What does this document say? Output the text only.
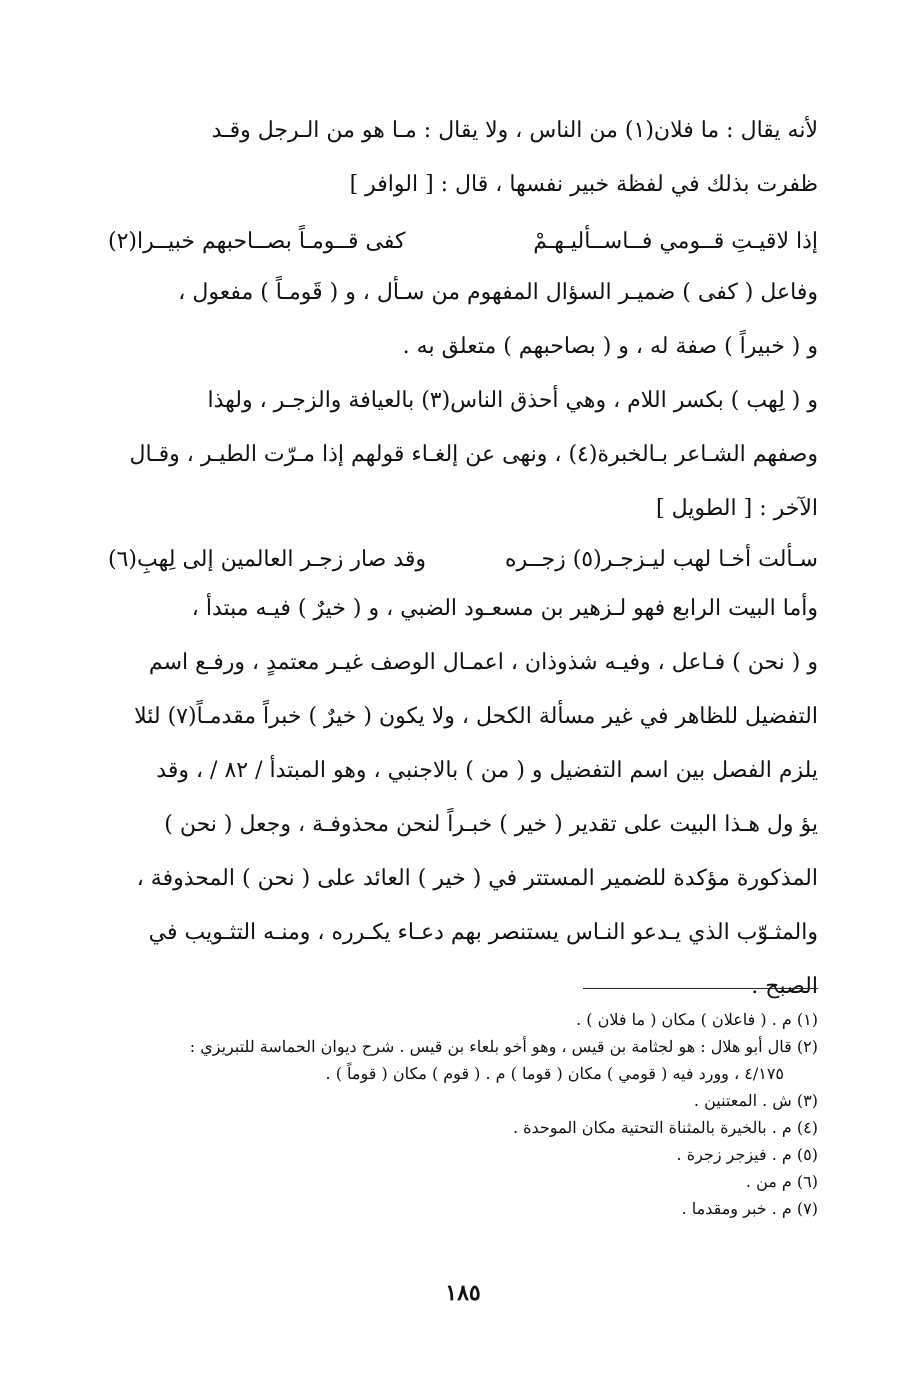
لأنه يقال : ما فلان(١) من الناس ، ولا يقال : مـا هو من الـرجل وقـد
ظفرت بذلك في لفظة خبير نفسها ، قال : [ الوافر ]
إذا لاقيـتِ قــومي فــاســأليـهـمْ
كفى قــومـاً بصــاحبهم خبيــرا(٢)
وفاعل ( كفى ) ضميـر السؤال المفهوم من سـأل ، و ( قَومـاً ) مفعول ،
و ( خبيراً ) صفة له ، و ( بصاحبهم ) متعلق به .
و ( لِهب ) بكسر اللام ، وهي أحذق الناس(٣) بالعيافة والزجـر ، ولهذا
وصفهم الشـاعر بـالخبرة(٤) ، ونهى عن إلغـاء قولهم إذا مـرّت الطيـر ، وقـال
الآخر : [ الطويل ]
سـألت أخـا لهب ليـزجـر(٥) زجــره
وقد صار زجـر العالمين إلى لِهبِ(٦)
وأما البيت الرابع فهو لـزهير بن مسعـود الضبي ، و ( خيرٌ ) فيـه مبتدأ ،
و ( نحن ) فـاعل ، وفيـه شذوذان ، اعمـال الوصف غيـر معتمدٍ ، ورفـع اسم
التفضيل للظاهر في غير مسألة الكحل ، ولا يكون ( خيرٌ ) خبراً مقدمـاً(٧) لئلا
يلزم الفصل بين اسم التفضيل و ( من ) بالاجنبي ، وهو المبتدأ / ٨٢ / ، وقد
يؤ ول هـذا البيت على تقدير ( خير ) خبـراً لنحن محذوفـة ، وجعل ( نحن )
المذكورة مؤكدة للضمير المستتر في ( خير ) العائد على ( نحن ) المحذوفة ،
والمثـوّب الذي يـدعو النـاس يستنصر بهم دعـاء يكـرره ، ومنـه التثـويب في
الصبح .
(١) م . ( فاعلان ) مكان ( ما فلان ) .
(٢) قال أبو هلال : هو لجثامة بن قيس ، وهو أخو بلعاء بن قيس . شرح ديوان الحماسة للتبريزي :
٤/١٧٥ ، وورد فيه ( قومي ) مكان ( قوما ) م . ( قوم ) مكان ( قوماً ) .
(٣) ش . المعتنين .
(٤) م . بالخيرة بالمثناة التحتية مكان الموحدة .
(٥) م . فيزجر زجرة .
(٦) م من .
(٧) م . خبر ومقدما .
١٨٥
